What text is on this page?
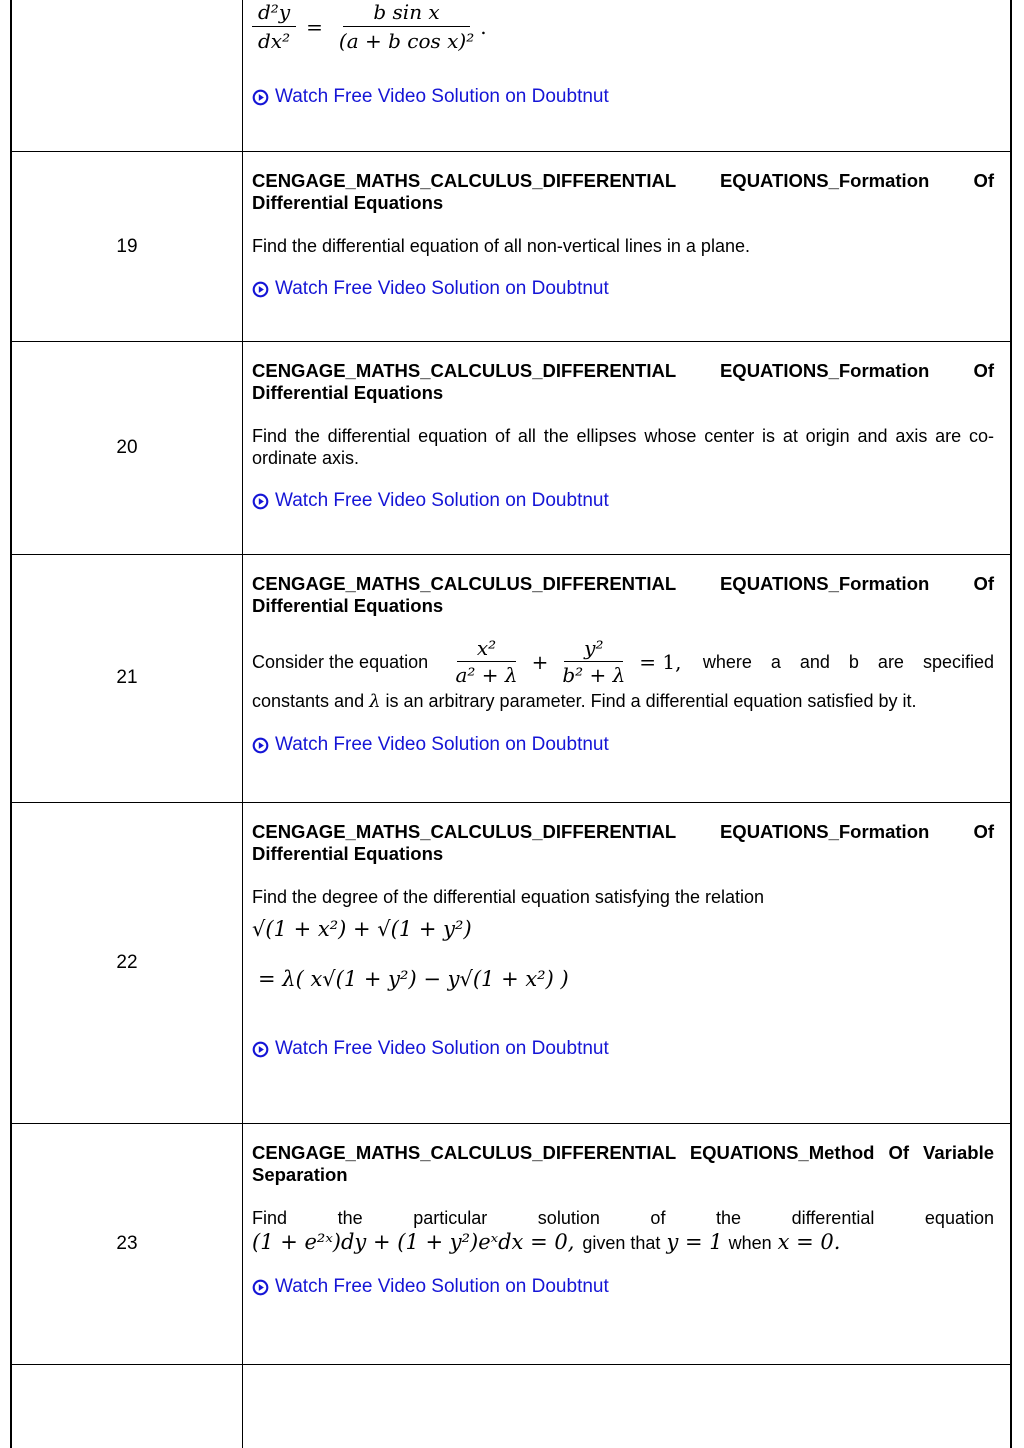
$\frac{\text{d²y}}{\text{dx²}} = \frac{\text{b sin x}}{\text{(a + b cos x)²}}$ .
Watch Free Video Solution on Doubtnut
19
CENGAGE_MATHS_CALCULUS_DIFFERENTIAL EQUATIONS_Formation Of Differential Equations
Find the differential equation of all non-vertical lines in a plane.
Watch Free Video Solution on Doubtnut
20
CENGAGE_MATHS_CALCULUS_DIFFERENTIAL EQUATIONS_Formation Of Differential Equations
Find the differential equation of all the ellipses whose center is at origin and axis are co-ordinate axis.
Watch Free Video Solution on Doubtnut
21
CENGAGE_MATHS_CALCULUS_DIFFERENTIAL EQUATIONS_Formation Of Differential Equations
Consider the equation $\frac{\text{x²}}{\text{a² + λ}} + \frac{\text{y²}}{\text{b² + λ}} = 1$, where a and b are specified
constants and λ is an arbitrary parameter. Find a differential equation satisfied by it.
Watch Free Video Solution on Doubtnut
22
CENGAGE_MATHS_CALCULUS_DIFFERENTIAL EQUATIONS_Formation Of Differential Equations
Find the degree of the differential equation satisfying the relation
√(1 + x²) + √(1 + y²)
= λ( x√(1 + y²) − y√(1 + x²) )
Watch Free Video Solution on Doubtnut
23
CENGAGE_MATHS_CALCULUS_DIFFERENTIAL EQUATIONS_Method Of Variable Separation
Find the particular solution of the differential equation
(1 + e²ˣ)dy + (1 + y²)eˣdx = 0, given that y = 1 when x = 0.
Watch Free Video Solution on Doubtnut
